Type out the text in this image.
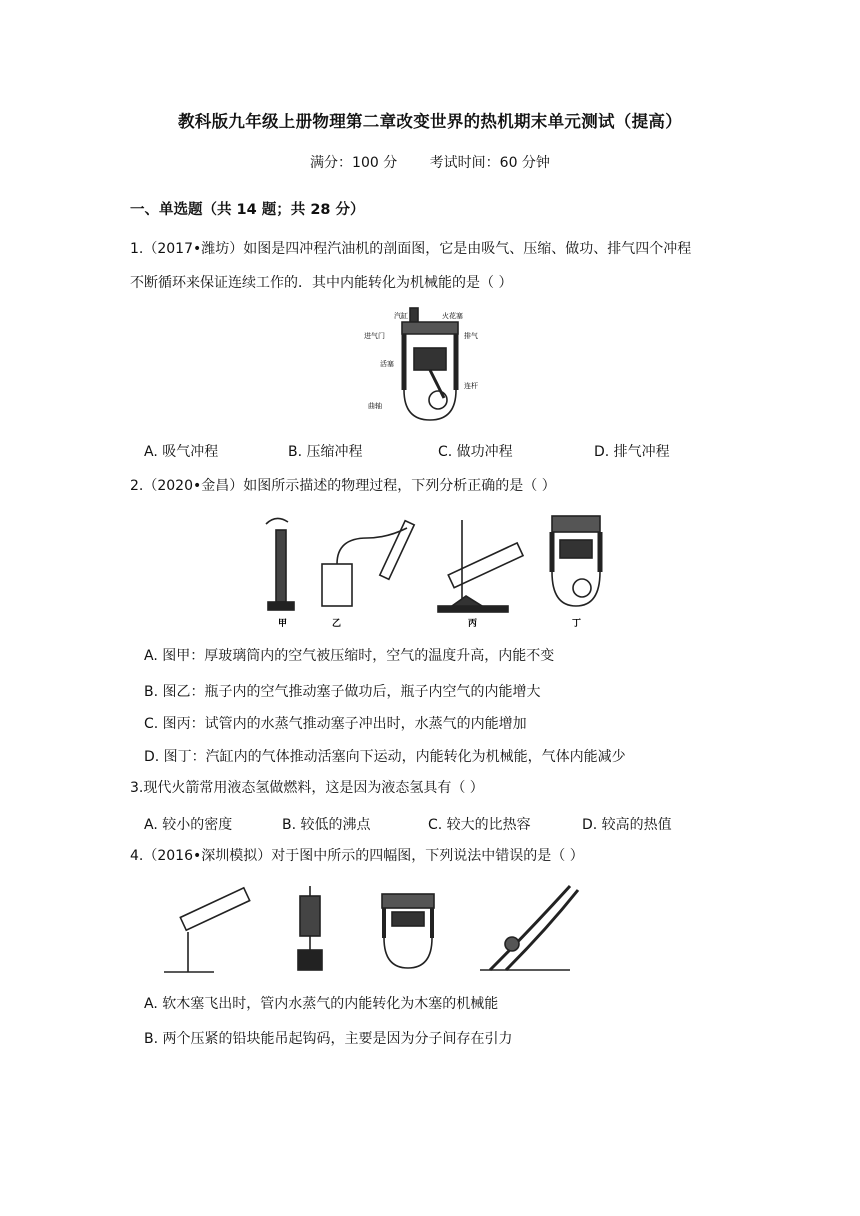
教科版九年级上册物理第二章改变世界的热机期末单元测试（提高）
满分：100 分 考试时间：60 分钟
一、单选题（共 14 题；共 28 分）
1.（2017•潍坊）如图是四冲程汽油机的剖面图，它是由吸气、压缩、做功、排气四个冲程
不断循环来保证连续工作的．其中内能转化为机械能的是（ ）
汽缸	火花塞
进气门	排气
活塞
连杆
曲轴
A. 吸气冲程	B. 压缩冲程	C. 做功冲程	D. 排气冲程
2.（2020•金昌）如图所示描述的物理过程，下列分析正确的是（ ）
甲	乙	丙	丁
A. 图甲：厚玻璃筒内的空气被压缩时，空气的温度升高，内能不变
B. 图乙：瓶子内的空气推动塞子做功后，瓶子内空气的内能增大
C. 图丙：试管内的水蒸气推动塞子冲出时，水蒸气的内能增加
D. 图丁：汽缸内的气体推动活塞向下运动，内能转化为机械能，气体内能减少
3.现代火箭常用液态氢做燃料，这是因为液态氢具有（ ）
A. 较小的密度	B. 较低的沸点	C. 较大的比热容	D. 较高的热值
4.（2016•深圳模拟）对于图中所示的四幅图，下列说法中错误的是（ ）
A. 软木塞飞出时，管内水蒸气的内能转化为木塞的机械能
B. 两个压紧的铅块能吊起钩码，主要是因为分子间存在引力
